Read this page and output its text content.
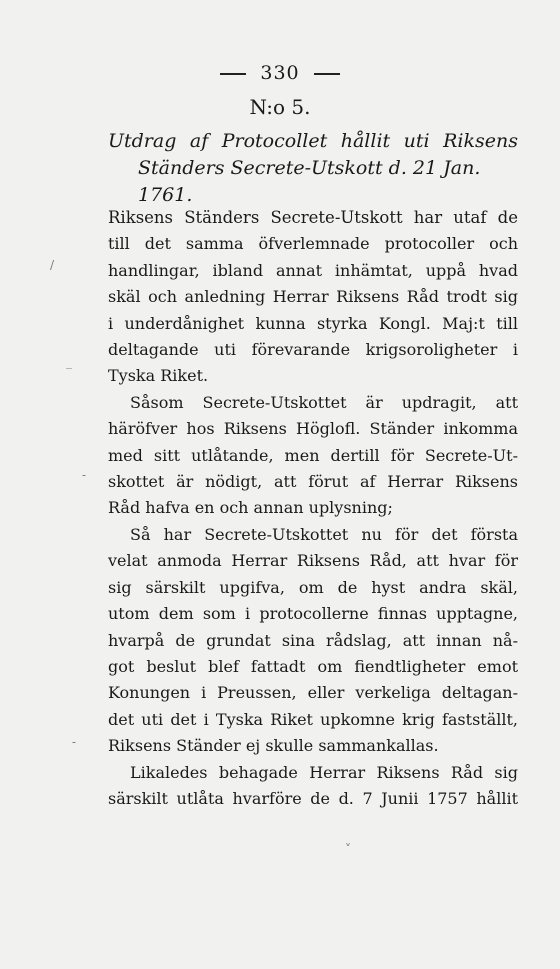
330
N:o 5.
Utdrag af Protocollet hållit uti Riksens
Ständers Secrete-Utskott d. 21 Jan. 1761.
Riksens Ständers Secrete-Utskott har utaf de
till det samma öfverlemnade protocoller och
handlingar, ibland annat inhämtat, uppå hvad
skäl och anledning Herrar Riksens Råd trodt sig
i underdånighet kunna styrka Kongl. Maj:t till
deltagande uti förevarande krigsoroligheter i
Tyska Riket.
Såsom Secrete-Utskottet är updragit, att
häröfver hos Riksens Höglofl. Ständer inkomma
med sitt utlåtande, men dertill för Secrete-Ut-
skottet är nödigt, att förut af Herrar Riksens
Råd hafva en och annan uplysning;
Så har Secrete-Utskottet nu för det första
velat anmoda Herrar Riksens Råd, att hvar för
sig särskilt upgifva, om de hyst andra skäl,
utom dem som i protocollerne finnas upptagne,
hvarpå de grundat sina rådslag, att innan nå-
got beslut blef fattadt om fiendtligheter emot
Konungen i Preussen, eller verkeliga deltagan-
det uti det i Tyska Riket upkomne krig fastställt,
Riksens Ständer ej skulle sammankallas.
Likaledes behagade Herrar Riksens Råd sig
särskilt utlåta hvarföre de d. 7 Junii 1757 hållit
/
_
-
-
˅
